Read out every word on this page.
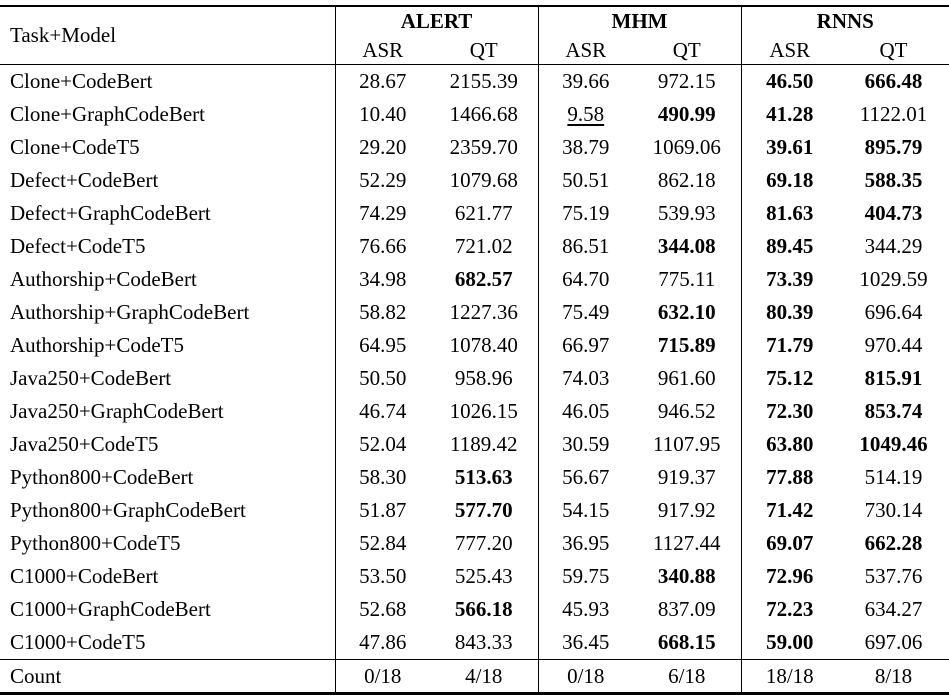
Task+Model	ALERT		MHM		RNNS	
	ASR	QT	ASR	QT	ASR	QT
Clone+CodeBert	28.67	2155.39	39.66	972.15	46.50	666.48
Clone+GraphCodeBert	10.40	1466.68	9.58	490.99	41.28	1122.01
Clone+CodeT5	29.20	2359.70	38.79	1069.06	39.61	895.79
Defect+CodeBert	52.29	1079.68	50.51	862.18	69.18	588.35
Defect+GraphCodeBert	74.29	621.77	75.19	539.93	81.63	404.73
Defect+CodeT5	76.66	721.02	86.51	344.08	89.45	344.29
Authorship+CodeBert	34.98	682.57	64.70	775.11	73.39	1029.59
Authorship+GraphCodeBert	58.82	1227.36	75.49	632.10	80.39	696.64
Authorship+CodeT5	64.95	1078.40	66.97	715.89	71.79	970.44
Java250+CodeBert	50.50	958.96	74.03	961.60	75.12	815.91
Java250+GraphCodeBert	46.74	1026.15	46.05	946.52	72.30	853.74
Java250+CodeT5	52.04	1189.42	30.59	1107.95	63.80	1049.46
Python800+CodeBert	58.30	513.63	56.67	919.37	77.88	514.19
Python800+GraphCodeBert	51.87	577.70	54.15	917.92	71.42	730.14
Python800+CodeT5	52.84	777.20	36.95	1127.44	69.07	662.28
C1000+CodeBert	53.50	525.43	59.75	340.88	72.96	537.76
C1000+GraphCodeBert	52.68	566.18	45.93	837.09	72.23	634.27
C1000+CodeT5	47.86	843.33	36.45	668.15	59.00	697.06
Count	0/18	4/18	0/18	6/18	18/18	8/18
